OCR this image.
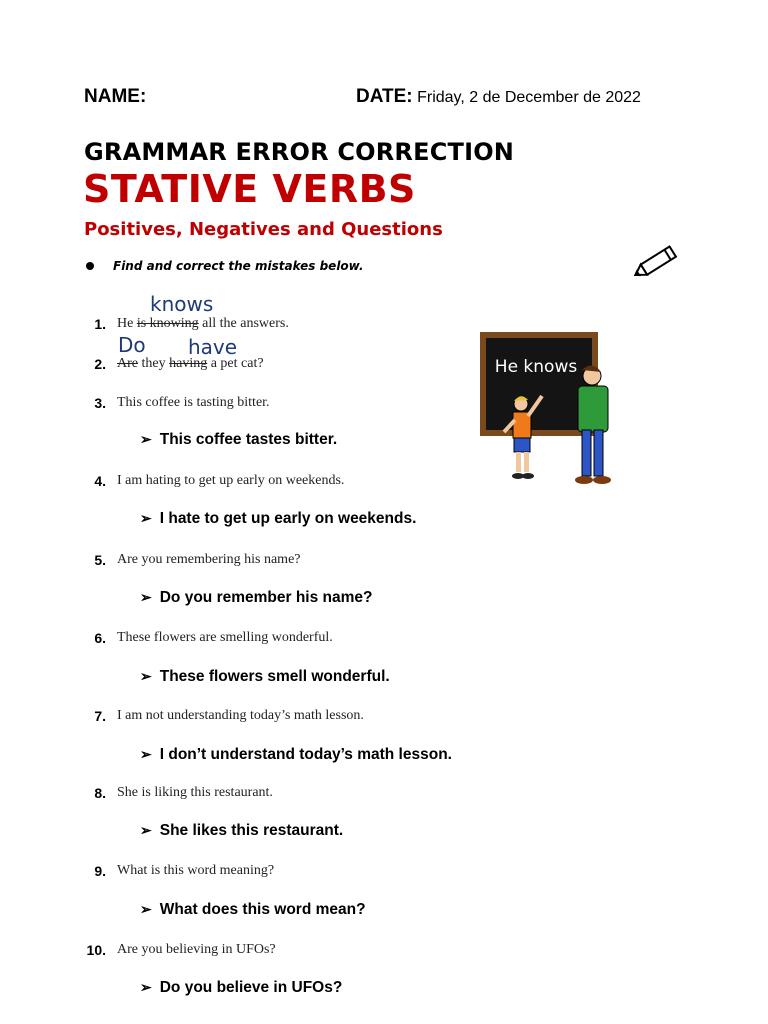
NAME:	DATE: Friday, 2 de December de 2022
GRAMMAR ERROR CORRECTION
STATIVE VERBS
Positives, Negatives and Questions
Find and correct the mistakes below.
He knows
knows
Do have
1. He is knowing all the answers.
2. Are they having a pet cat?
3. This coffee is tasting bitter.
➢ This coffee tastes bitter.
4. I am hating to get up early on weekends.
➢ I hate to get up early on weekends.
5. Are you remembering his name?
➢ Do you remember his name?
6. These flowers are smelling wonderful.
➢ These flowers smell wonderful.
7. I am not understanding today’s math lesson.
➢ I don’t understand today’s math lesson.
8. She is liking this restaurant.
➢ She likes this restaurant.
9. What is this word meaning?
➢ What does this word mean?
10. Are you believing in UFOs?
➢ Do you believe in UFOs?
